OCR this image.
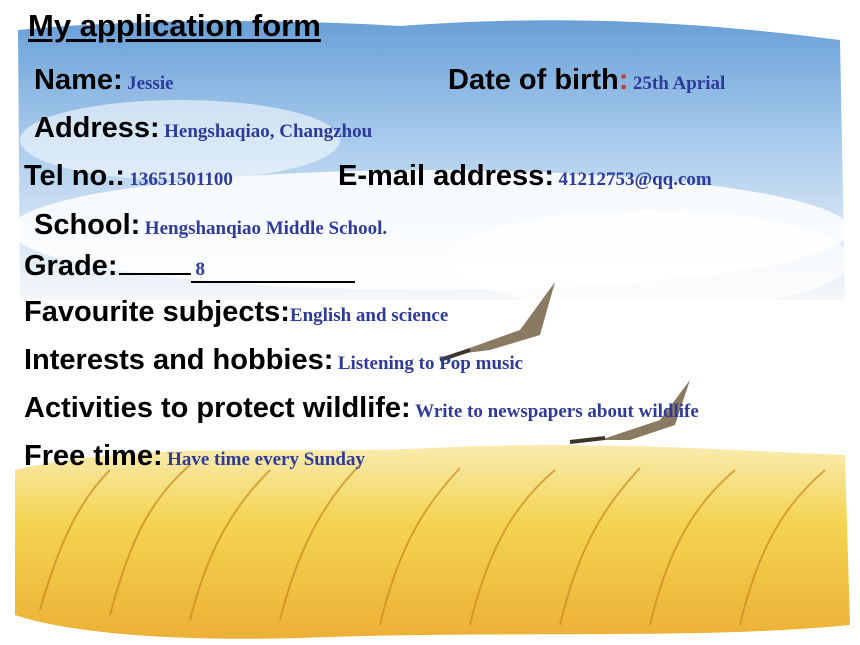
My application form
Name: Jessie	Date of birth: 25th Aprial
Address: Hengshaqiao, Changzhou
Tel no.: 13651501100	E-mail address: 41212753@qq.com
School: Hengshanqiao Middle School.
Grade:	8
Favourite subjects:English and science
Interests and hobbies: Listening to Pop music
Activities to protect wildlife: Write to newspapers about wildlife
Free time: Have time every Sunday
